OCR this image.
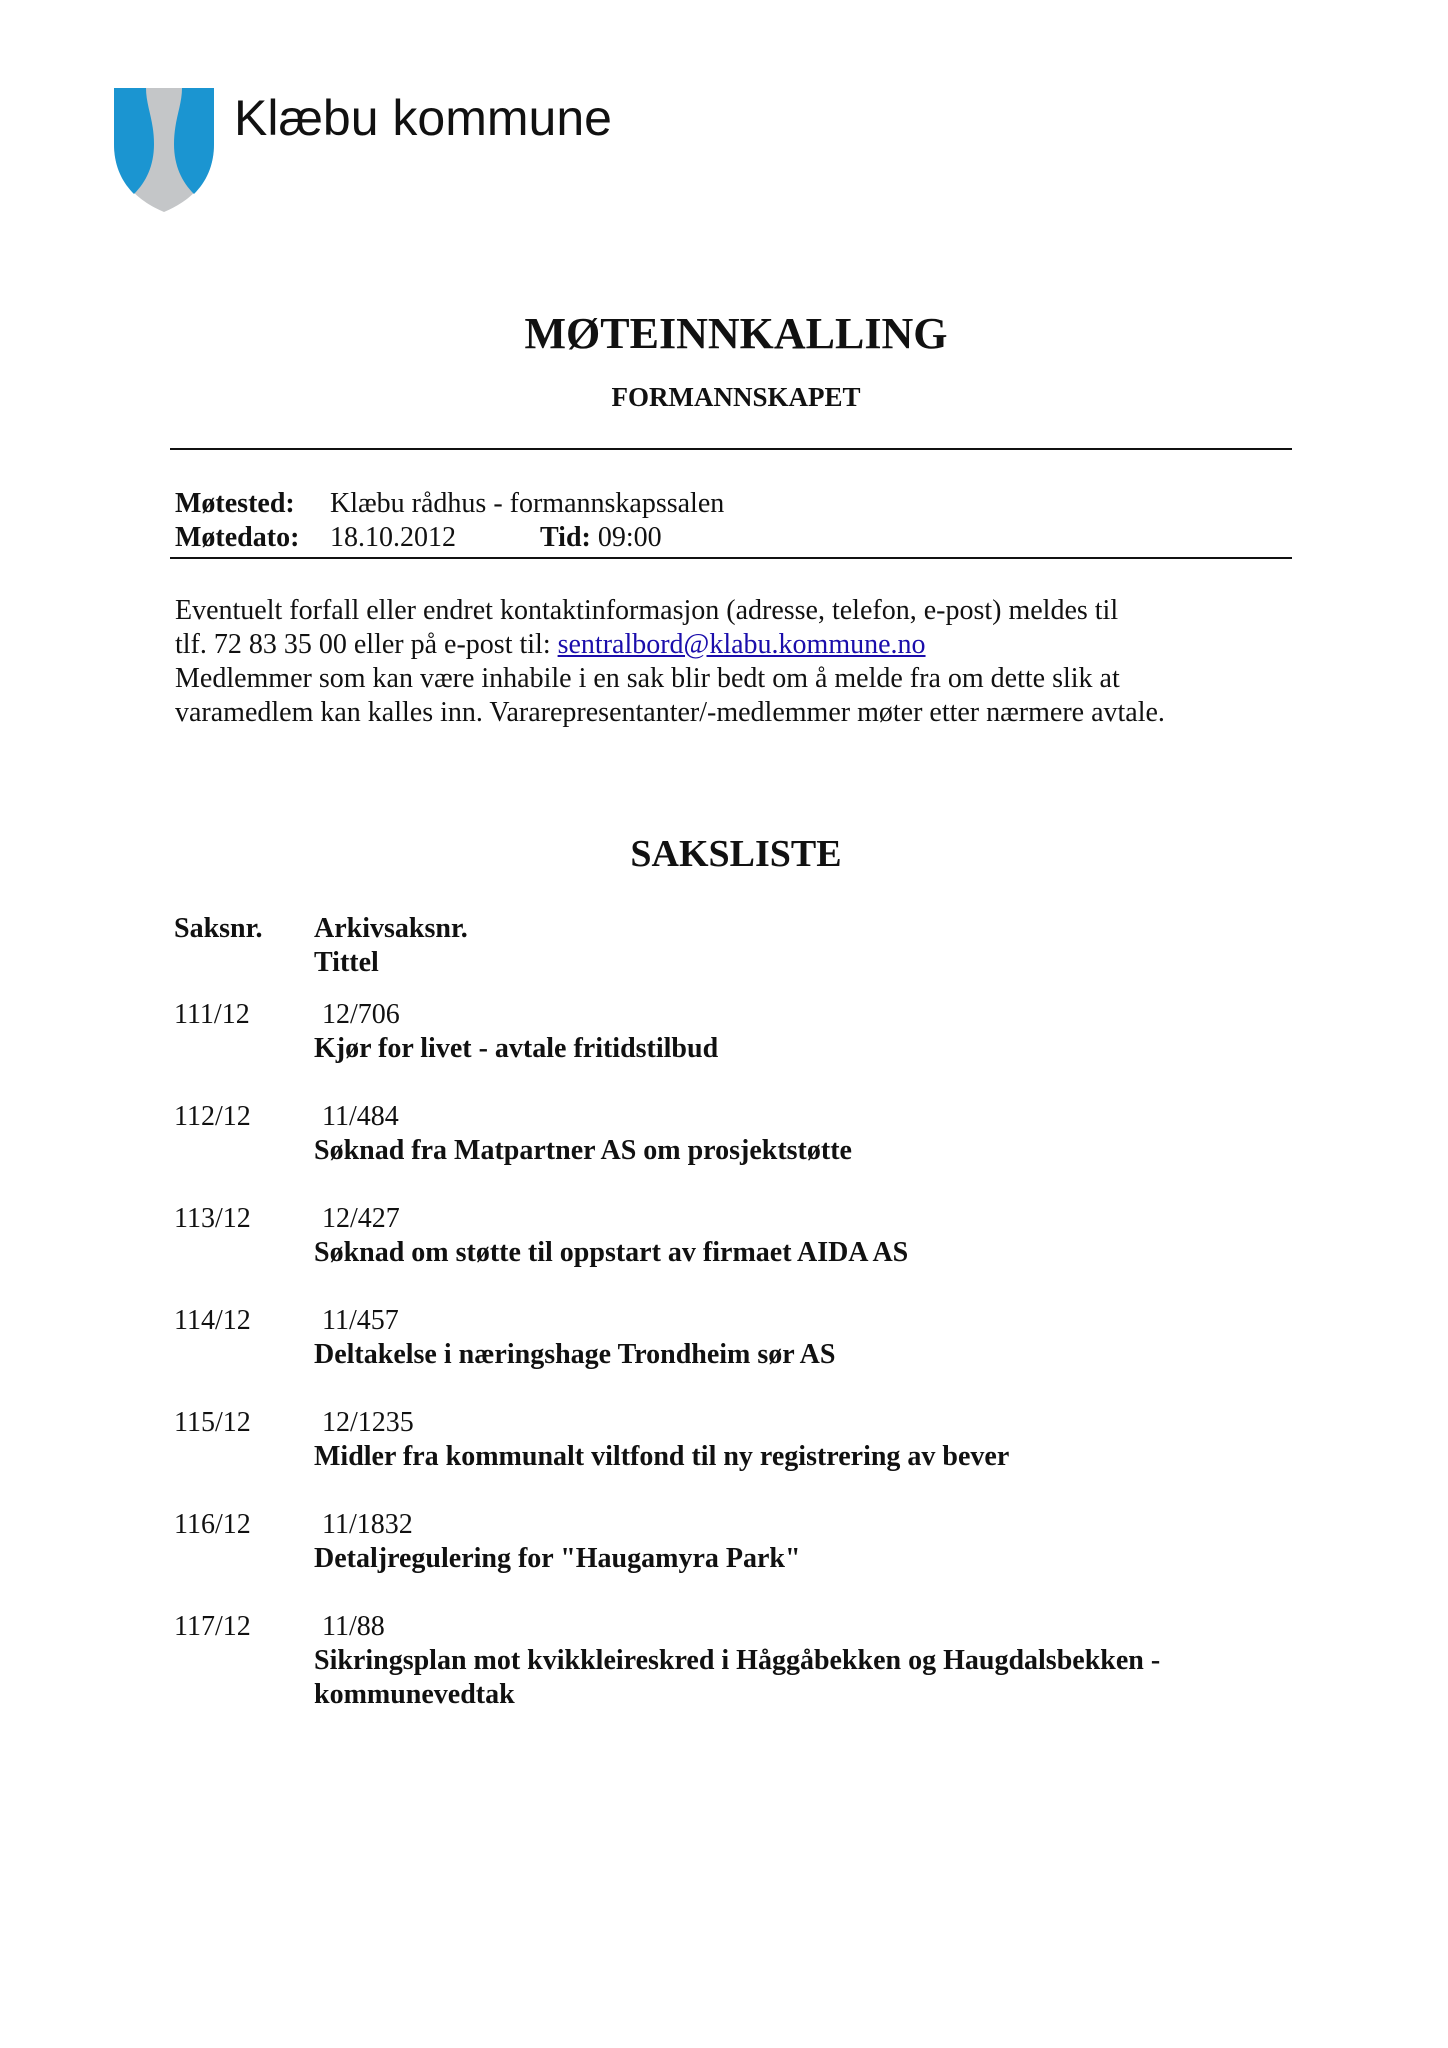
Klæbu kommune
MØTEINNKALLING
FORMANNSKAPET
Møtested: Klæbu rådhus - formannskapssalen
Møtedato: 18.10.2012	Tid: 09:00
Eventuelt forfall eller endret kontaktinformasjon (adresse, telefon, e-post) meldes til
tlf. 72 83 35 00 eller på e-post til: sentralbord@klabu.kommune.no
Medlemmer som kan være inhabile i en sak blir bedt om å melde fra om dette slik at
varamedlem kan kalles inn. Vararepresentanter/-medlemmer møter etter nærmere avtale.
SAKSLISTE
Saksnr. Arkivsaksnr.
Tittel
111/12	12/706
Kjør for livet - avtale fritidstilbud
112/12	11/484
Søknad fra Matpartner AS om prosjektstøtte
113/12	12/427
Søknad om støtte til oppstart av firmaet AIDA AS
114/12	11/457
Deltakelse i næringshage Trondheim sør AS
115/12	12/1235
Midler fra kommunalt viltfond til ny registrering av bever
116/12	11/1832
Detaljregulering for "Haugamyra Park"
117/12	11/88
Sikringsplan mot kvikkleireskred i Håggåbekken og Haugdalsbekken - kommunevedtak
